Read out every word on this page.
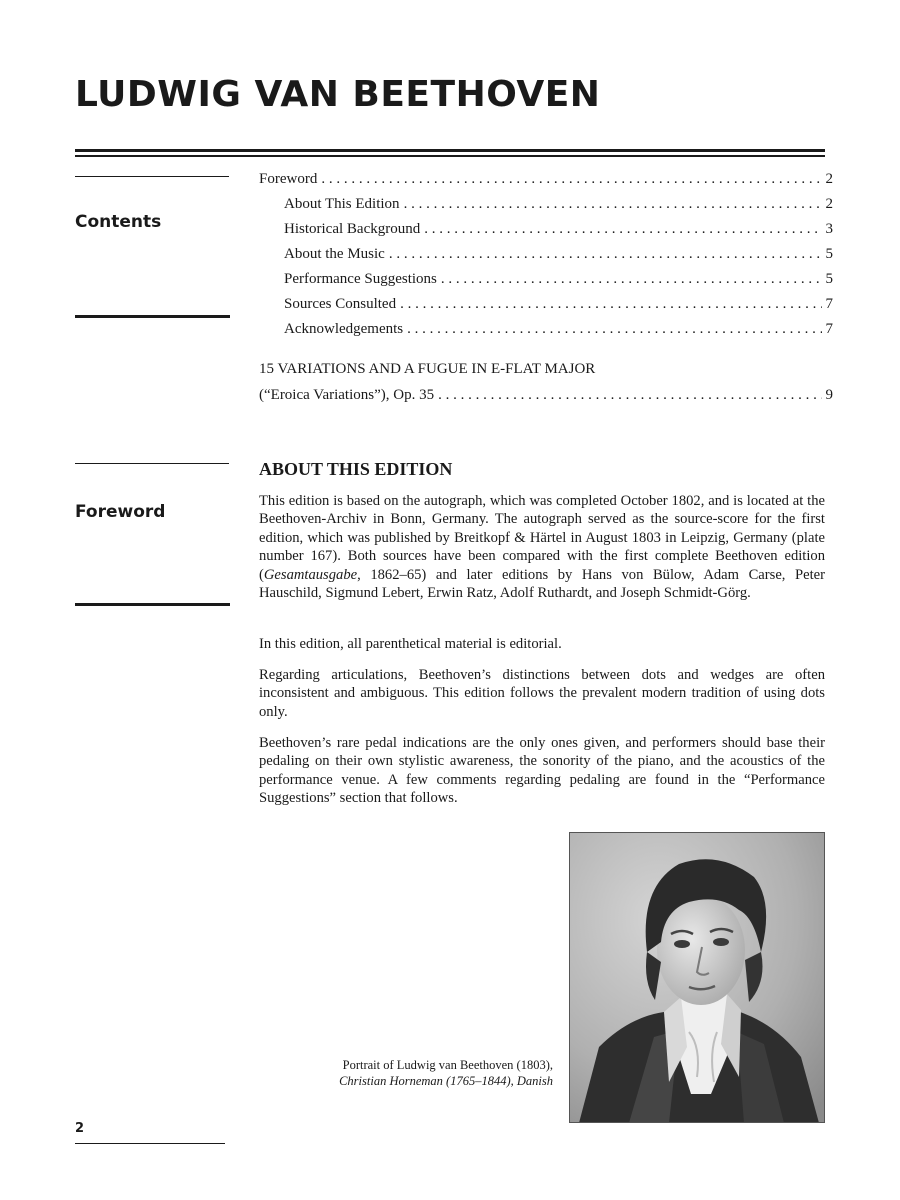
LUDWIG VAN BEETHOVEN
Contents
Foreword
Foreword . . .	2
About This Edition . . .	2
Historical Background . . .	3
About the Music . . .	5
Performance Suggestions . . .	5
Sources Consulted . . .	7
Acknowledgements . . .	7
15 VARIATIONS AND A FUGUE IN E-FLAT MAJOR
(“Eroica Variations”), Op. 35 . . .	9
ABOUT THIS EDITION

This edition is based on the autograph, which was completed October 1802, and is located at the Beethoven-Archiv in Bonn, Germany. The autograph served as the source-score for the first edition, which was published by Breitkopf & Härtel in August 1803 in Leipzig, Germany (plate number 167). Both sources have been compared with the first complete Beethoven edition (Gesamtausgabe, 1862–65) and later editions by Hans von Bülow, Adam Carse, Peter Hauschild, Sigmund Lebert, Erwin Ratz, Adolf Ruthardt, and Joseph Schmidt-Görg.

In this edition, all parenthetical material is editorial.

Regarding articulations, Beethoven’s distinctions between dots and wedges are often inconsistent and ambiguous. This edition follows the prevalent modern tradition of using dots only.

Beethoven’s rare pedal indications are the only ones given, and performers should base their pedaling on their own stylistic awareness, the sonority of the piano, and the acoustics of the performance venue. A few comments regarding pedaling are found in the “Performance Suggestions” section that follows.

Portrait of Ludwig van Beethoven (1803),
Christian Horneman (1765–1844), Danish
2
